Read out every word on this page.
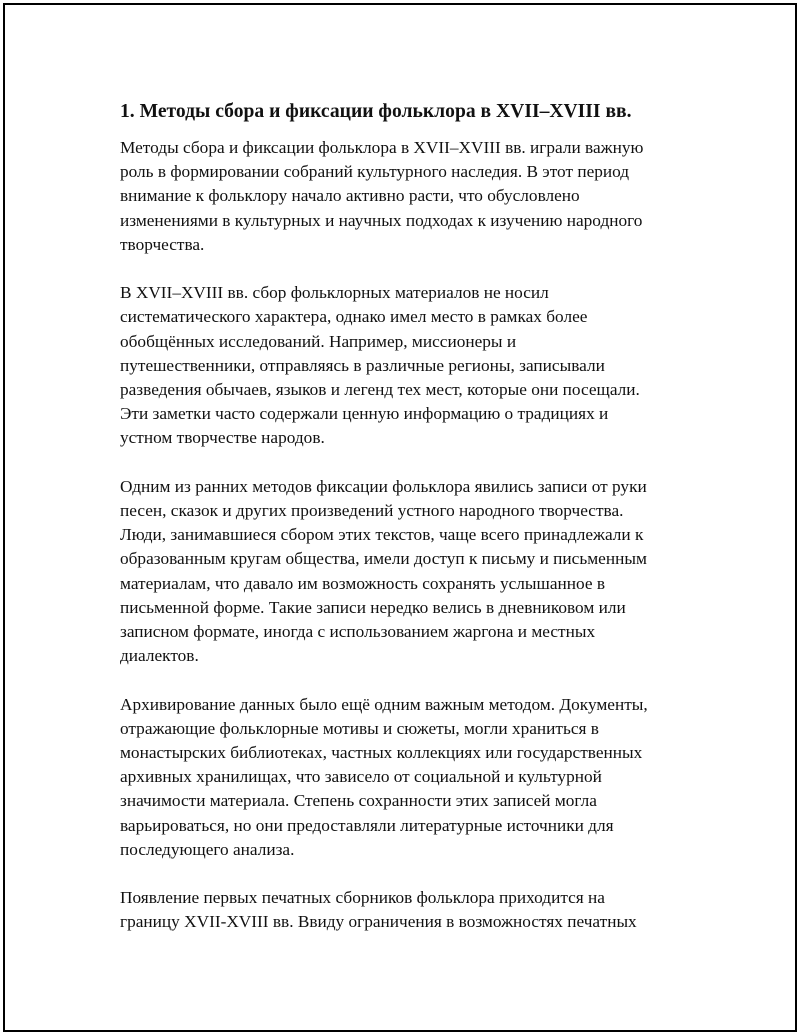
1. Методы сбора и фиксации фольклора в XVII–XVIII вв.
Методы сбора и фиксации фольклора в XVII–XVIII вв. играли важную
роль в формировании собраний культурного наследия. В этот период
внимание к фольклору начало активно расти, что обусловлено
изменениями в культурных и научных подходах к изучению народного
творчества.
В XVII–XVIII вв. сбор фольклорных материалов не носил
систематического характера, однако имел место в рамках более
обобщённых исследований. Например, миссионеры и
путешественники, отправляясь в различные регионы, записывали
разведения обычаев, языков и легенд тех мест, которые они посещали.
Эти заметки часто содержали ценную информацию о традициях и
устном творчестве народов.
Одним из ранних методов фиксации фольклора явились записи от руки
песен, сказок и других произведений устного народного творчества.
Люди, занимавшиеся сбором этих текстов, чаще всего принадлежали к
образованным кругам общества, имели доступ к письму и письменным
материалам, что давало им возможность сохранять услышанное в
письменной форме. Такие записи нередко велись в дневниковом или
записном формате, иногда с использованием жаргона и местных
диалектов.
Архивирование данных было ещё одним важным методом. Документы,
отражающие фольклорные мотивы и сюжеты, могли храниться в
монастырских библиотеках, частных коллекциях или государственных
архивных хранилищах, что зависело от социальной и культурной
значимости материала. Степень сохранности этих записей могла
варьироваться, но они предоставляли литературные источники для
последующего анализа.
Появление первых печатных сборников фольклора приходится на
границу XVII-XVIII вв. Ввиду ограничения в возможностях печатных
